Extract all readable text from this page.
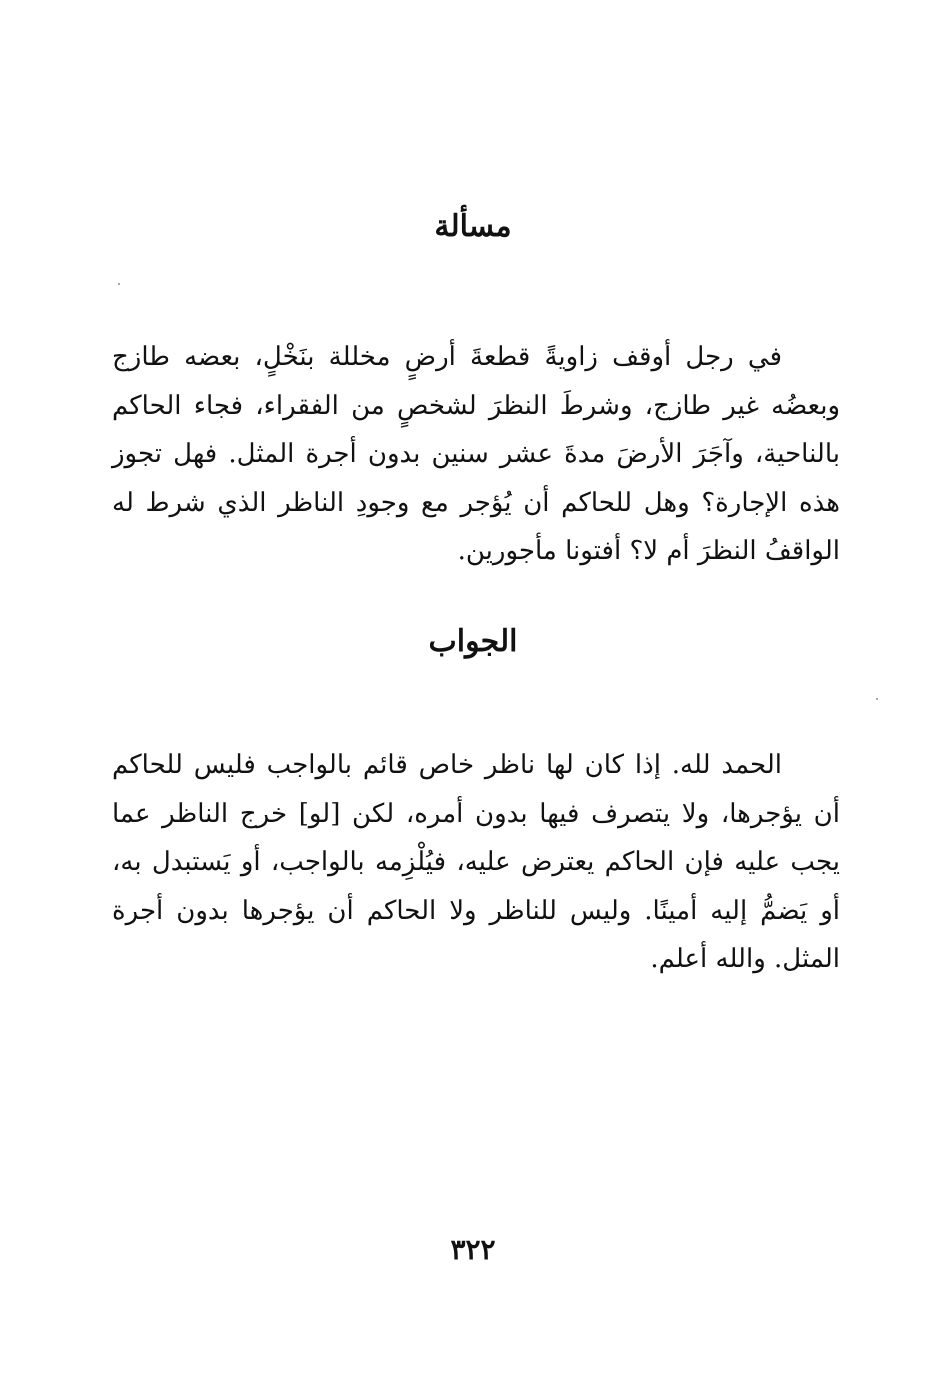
مسألة

في رجل أوقف زاويةً قطعةَ أرضٍ مخللة بنَخْلٍ، بعضه طازج وبعضُه غير طازج، وشرطَ النظرَ لشخصٍ من الفقراء، فجاء الحاكم بالناحية، وآجَرَ الأرضَ مدةَ عشر سنين بدون أجرة المثل. فهل تجوز هذه الإجارة؟ وهل للحاكم أن يُؤجر مع وجودِ الناظر الذي شرط له الواقفُ النظرَ أم لا؟ أفتونا مأجورين.

الجواب

الحمد لله. إذا كان لها ناظر خاص قائم بالواجب فليس للحاكم أن يؤجرها، ولا يتصرف فيها بدون أمره، لكن [لو] خرج الناظر عما يجب عليه فإن الحاكم يعترض عليه، فيُلْزِمه بالواجب، أو يَستبدل به، أو يَضمُّ إليه أمينًا. وليس للناظر ولا الحاكم أن يؤجرها بدون أجرة المثل. والله أعلم.

٣٢٢
